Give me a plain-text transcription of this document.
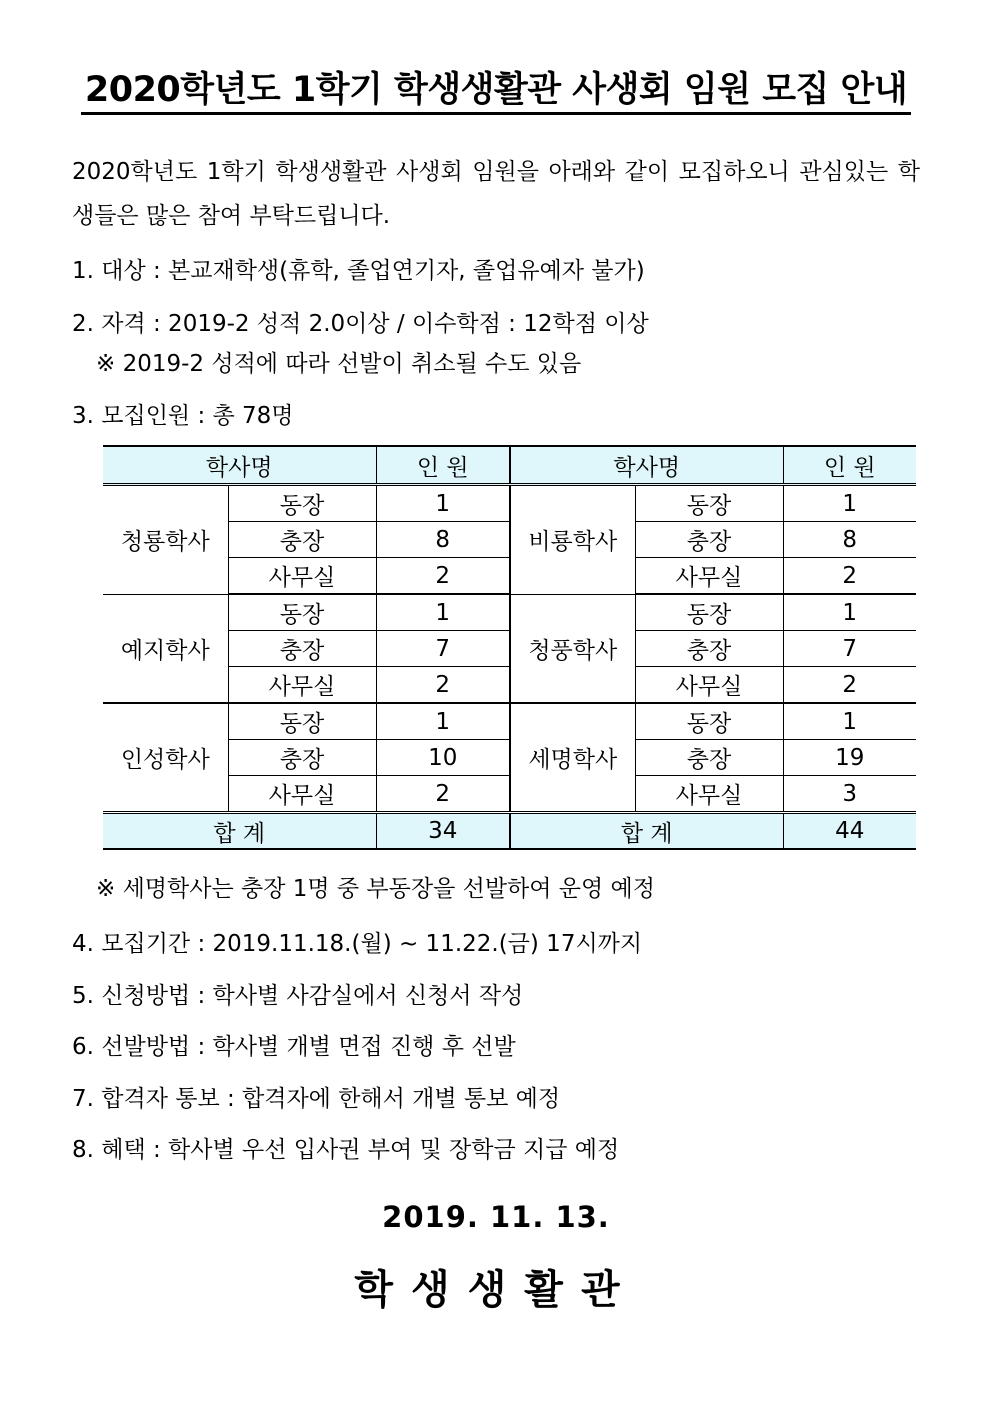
2020학년도 1학기 학생생활관 사생회 임원 모집 안내
2020학년도 1학기 학생생활관 사생회 임원을 아래와 같이 모집하오니 관심있는 학생들은 많은 참여 부탁드립니다.
1. 대상 : 본교재학생(휴학, 졸업연기자, 졸업유예자 불가)
2. 자격 : 2019-2 성적 2.0이상 / 이수학점 : 12학점 이상
※ 2019-2 성적에 따라 선발이 취소될 수도 있음
3. 모집인원 : 총 78명
학사명		인 원	학사명		인 원
청룡학사	동장	1	비룡학사	동장	1
	충장	8		충장	8
	사무실	2		사무실	2
예지학사	동장	1	청풍학사	동장	1
	충장	7		충장	7
	사무실	2		사무실	2
인성학사	동장	1	세명학사	동장	1
	충장	10		충장	19
	사무실	2		사무실	3
합 계		34	합 계		44
※ 세명학사는 충장 1명 중 부동장을 선발하여 운영 예정
4. 모집기간 : 2019.11.18.(월) ~ 11.22.(금) 17시까지
5. 신청방법 : 학사별 사감실에서 신청서 작성
6. 선발방법 : 학사별 개별 면접 진행 후 선발
7. 합격자 통보 : 합격자에 한해서 개별 통보 예정
8. 혜택 : 학사별 우선 입사권 부여 및 장학금 지급 예정
2019. 11. 13.
학생생활관
